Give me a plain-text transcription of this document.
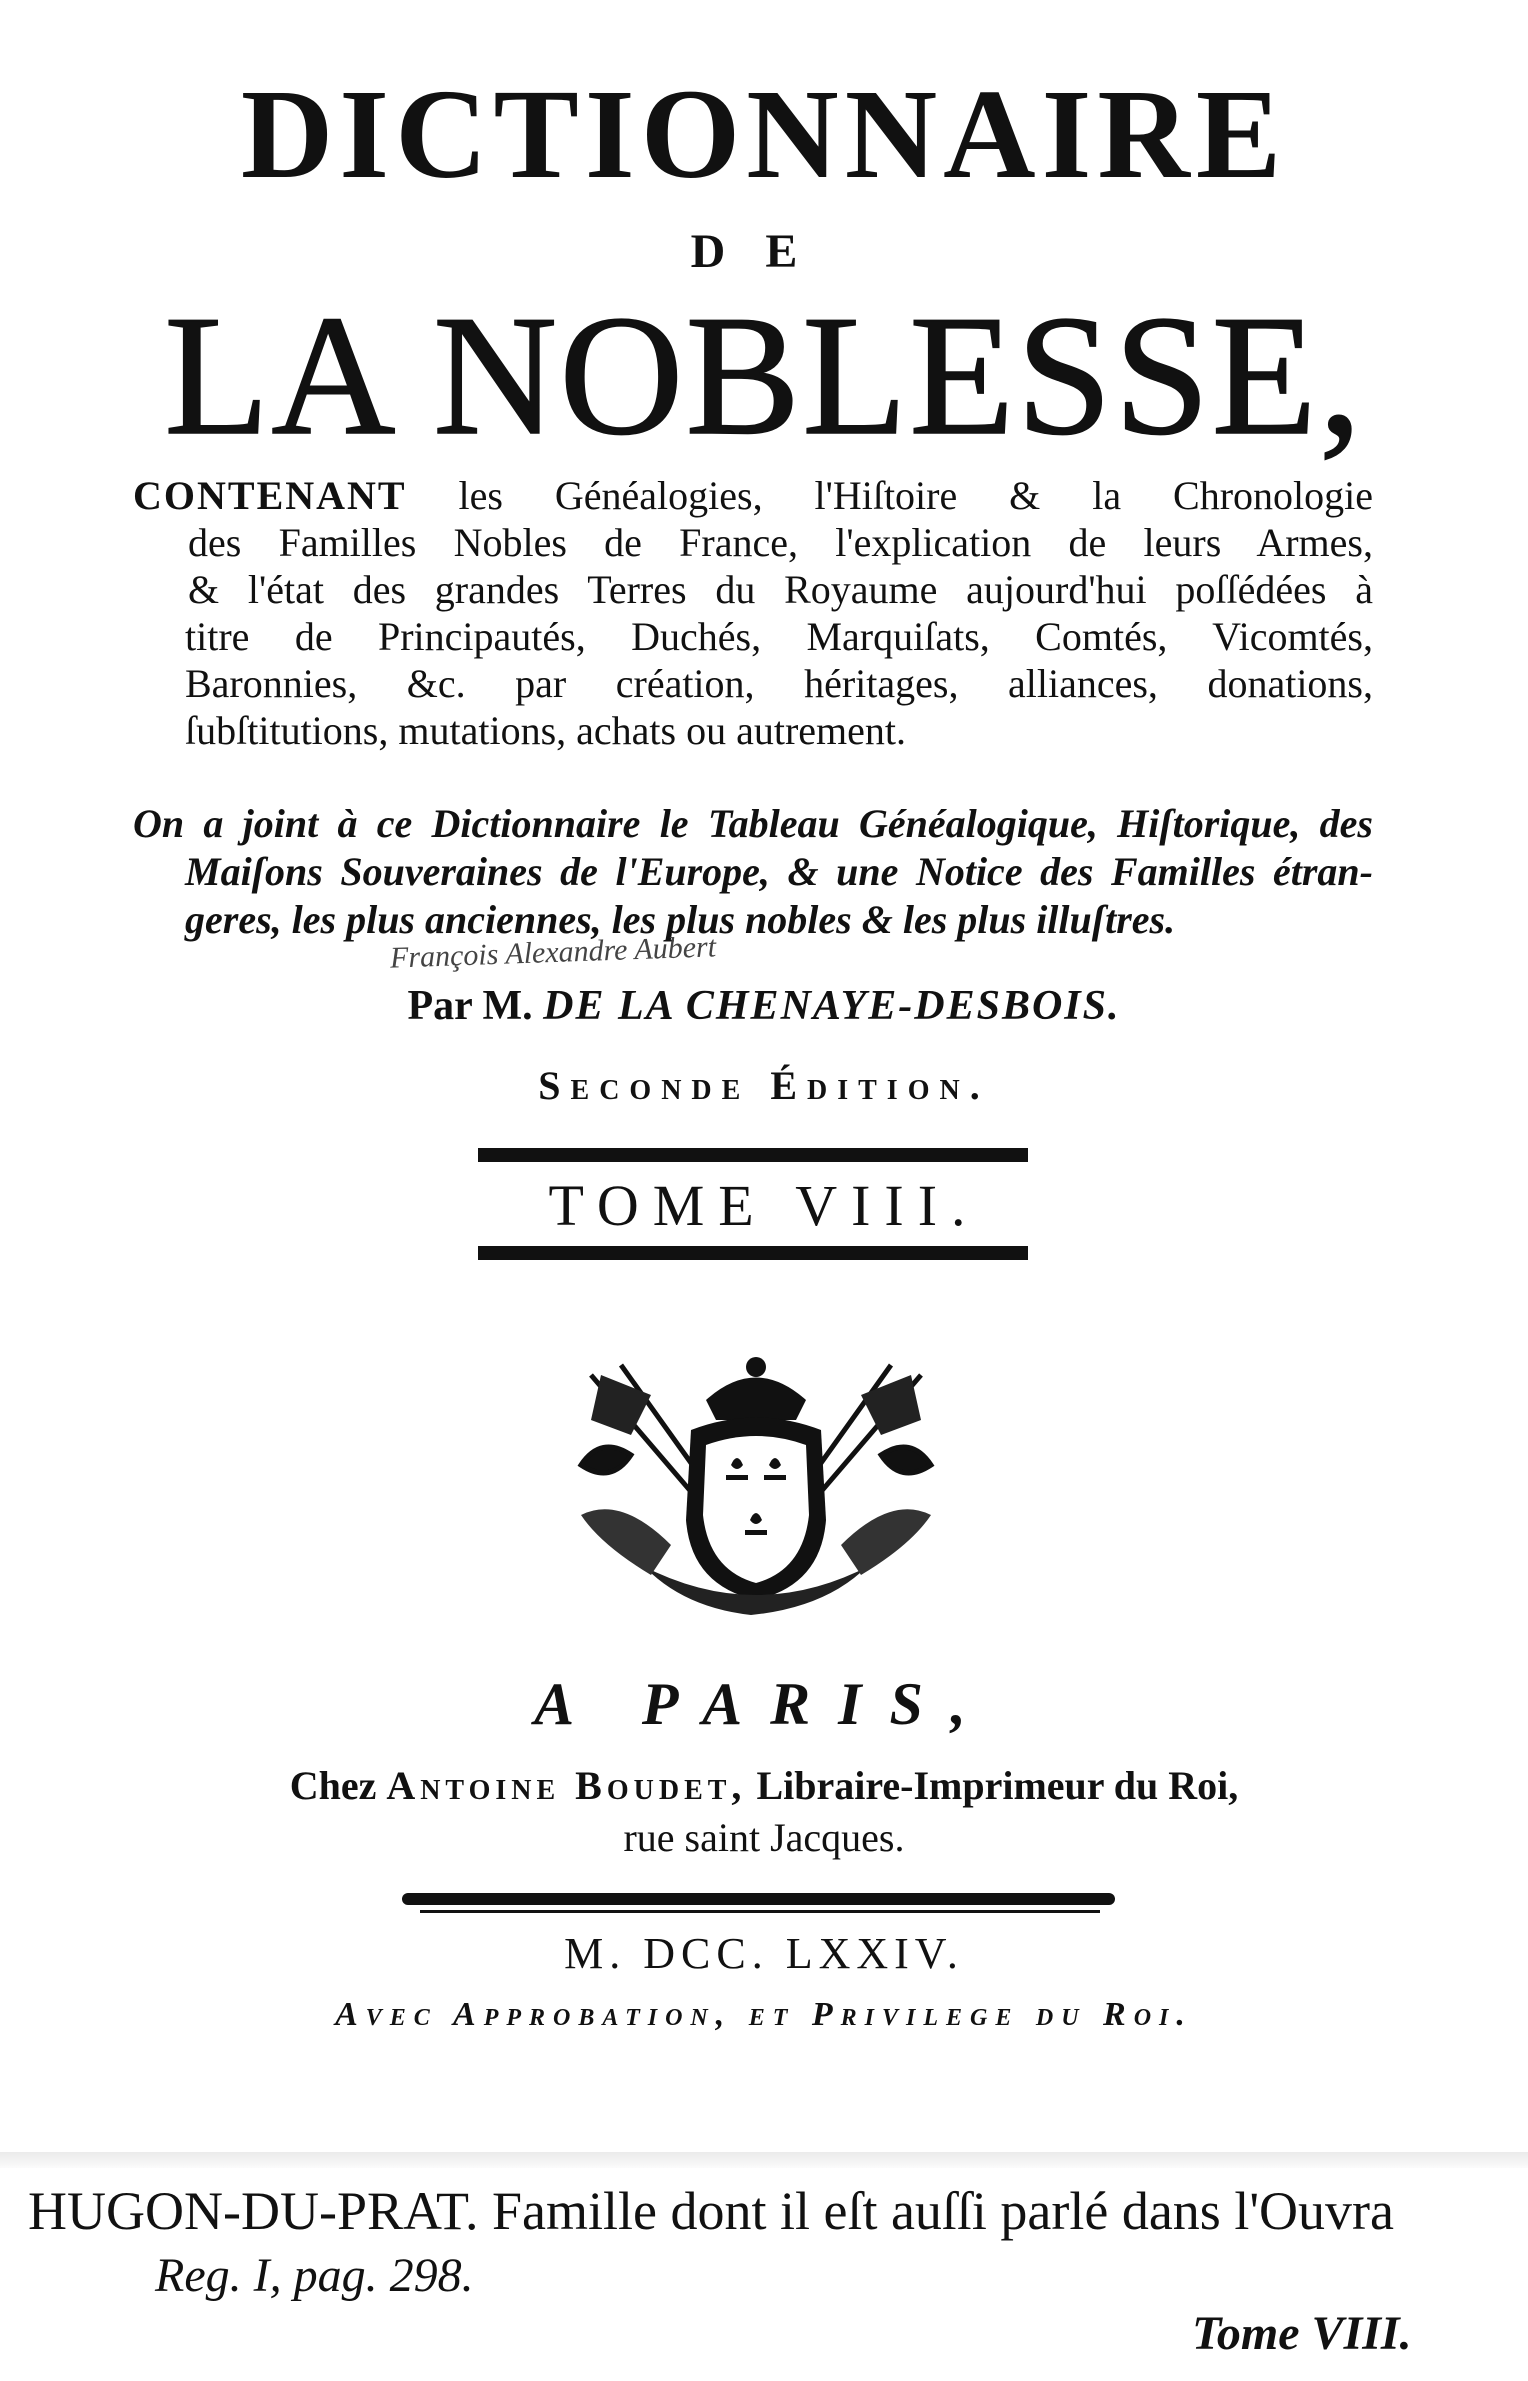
DICTIONNAIRE
DE
LA NOBLESSE,
CONTENANT les Généalogies, l'Hiſtoire & la Chronologie
des Familles Nobles de France, l'explication de leurs Armes,
& l'état des grandes Terres du Royaume aujourd'hui poſſédées à
titre de Principautés, Duchés, Marquiſats, Comtés, Vicomtés,
Baronnies, &c. par création, héritages, alliances, donations,
ſubſtitutions, mutations, achats ou autrement.
On a joint à ce Dictionnaire le Tableau Généalogique, Hiſtorique, des
Maiſons Souveraines de l'Europe, & une Notice des Familles étran-
geres, les plus anciennes, les plus nobles & les plus illuſtres.
François Alexandre Aubert
Par M. DE LA CHENAYE-DESBOIS.
Seconde Édition.
TOME VIII.
A PARIS,
Chez Antoine Boudet, Libraire-Imprimeur du Roi,
rue saint Jacques.
M. DCC. LXXIV.
Avec Approbation, et Privilege du Roi.
HUGON-DU-PRAT. Famille dont il eſt auſſi parlé dans l'Ouvra
Reg. I, pag. 298.
Tome VIII.
